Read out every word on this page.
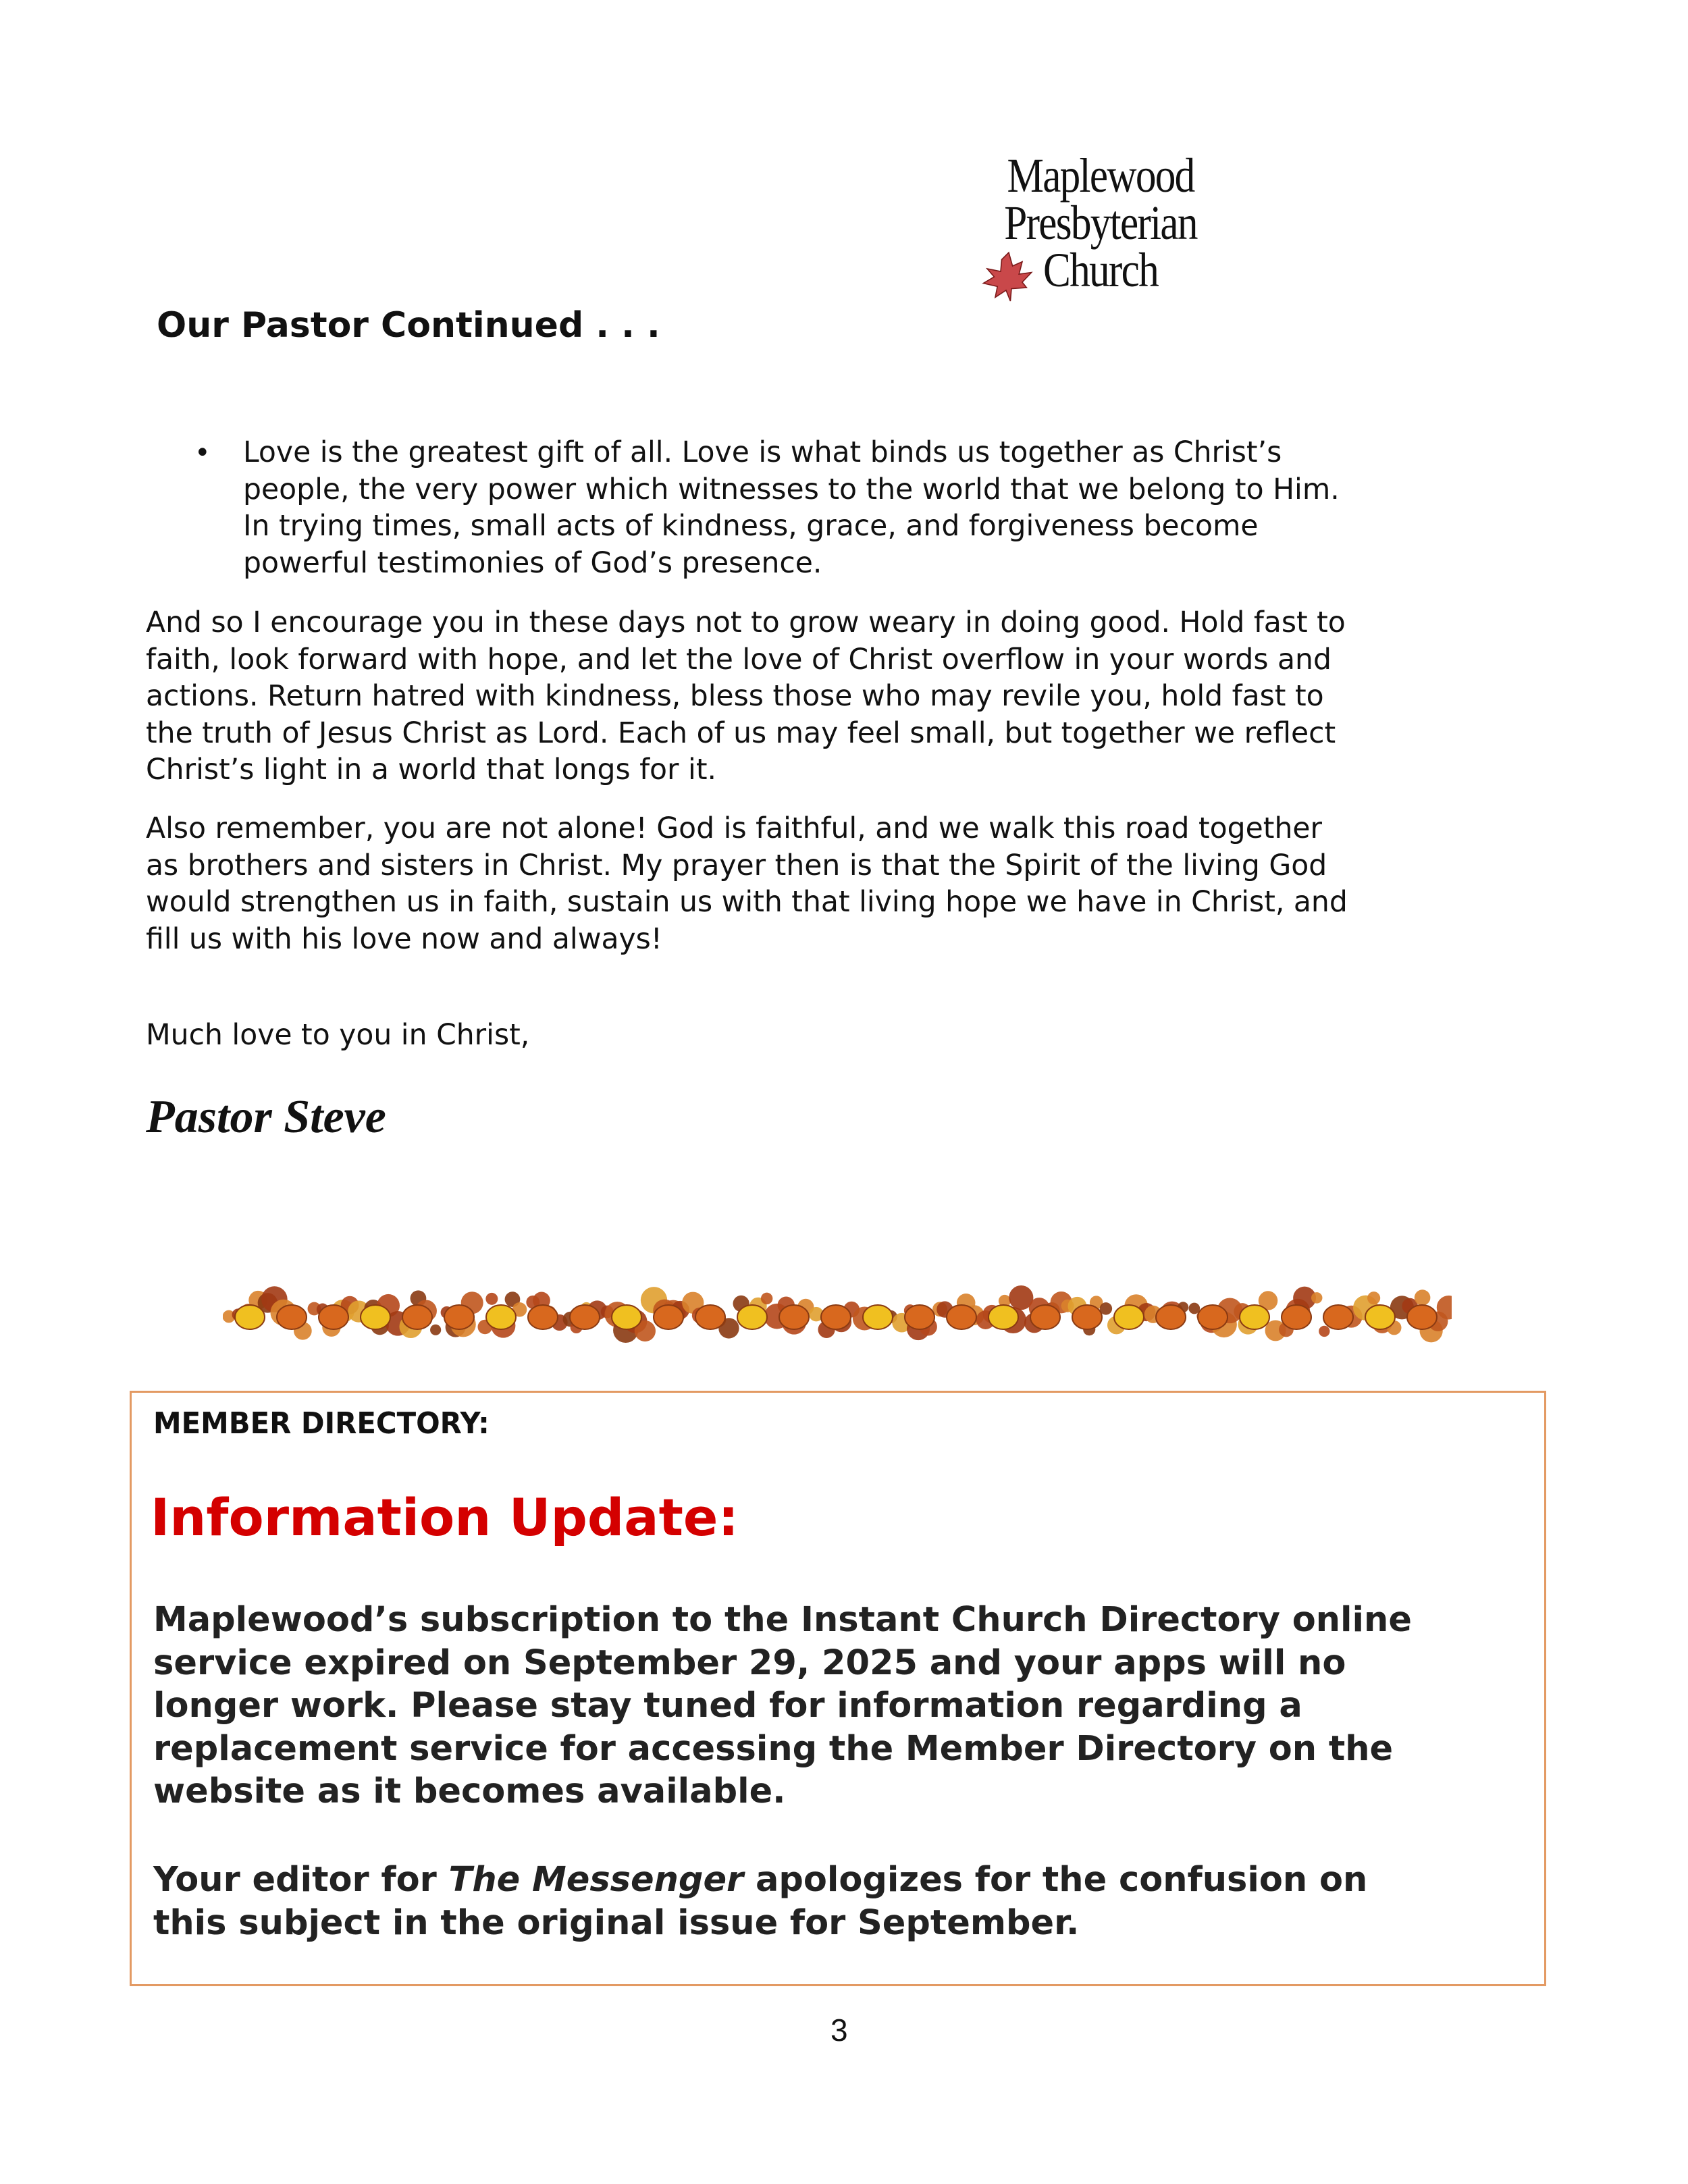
Maplewood
Presbyterian
Church
Our Pastor Continued . . .
• Love is the greatest gift of all. Love is what binds us together as Christ’s
people, the very power which witnesses to the world that we belong to Him.
In trying times, small acts of kindness, grace, and forgiveness become
powerful testimonies of God’s presence.
And so I encourage you in these days not to grow weary in doing good. Hold fast to
faith, look forward with hope, and let the love of Christ overflow in your words and
actions. Return hatred with kindness, bless those who may revile you, hold fast to
the truth of Jesus Christ as Lord. Each of us may feel small, but together we reflect
Christ’s light in a world that longs for it.
Also remember, you are not alone! God is faithful, and we walk this road together
as brothers and sisters in Christ. My prayer then is that the Spirit of the living God
would strengthen us in faith, sustain us with that living hope we have in Christ, and
fill us with his love now and always!
Much love to you in Christ,
Pastor Steve
MEMBER DIRECTORY:
Information Update:
Maplewood’s subscription to the Instant Church Directory online
service expired on September 29, 2025 and your apps will no
longer work. Please stay tuned for information regarding a
replacement service for accessing the Member Directory on the
website as it becomes available.
Your editor for The Messenger apologizes for the confusion on
this subject in the original issue for September.
3
